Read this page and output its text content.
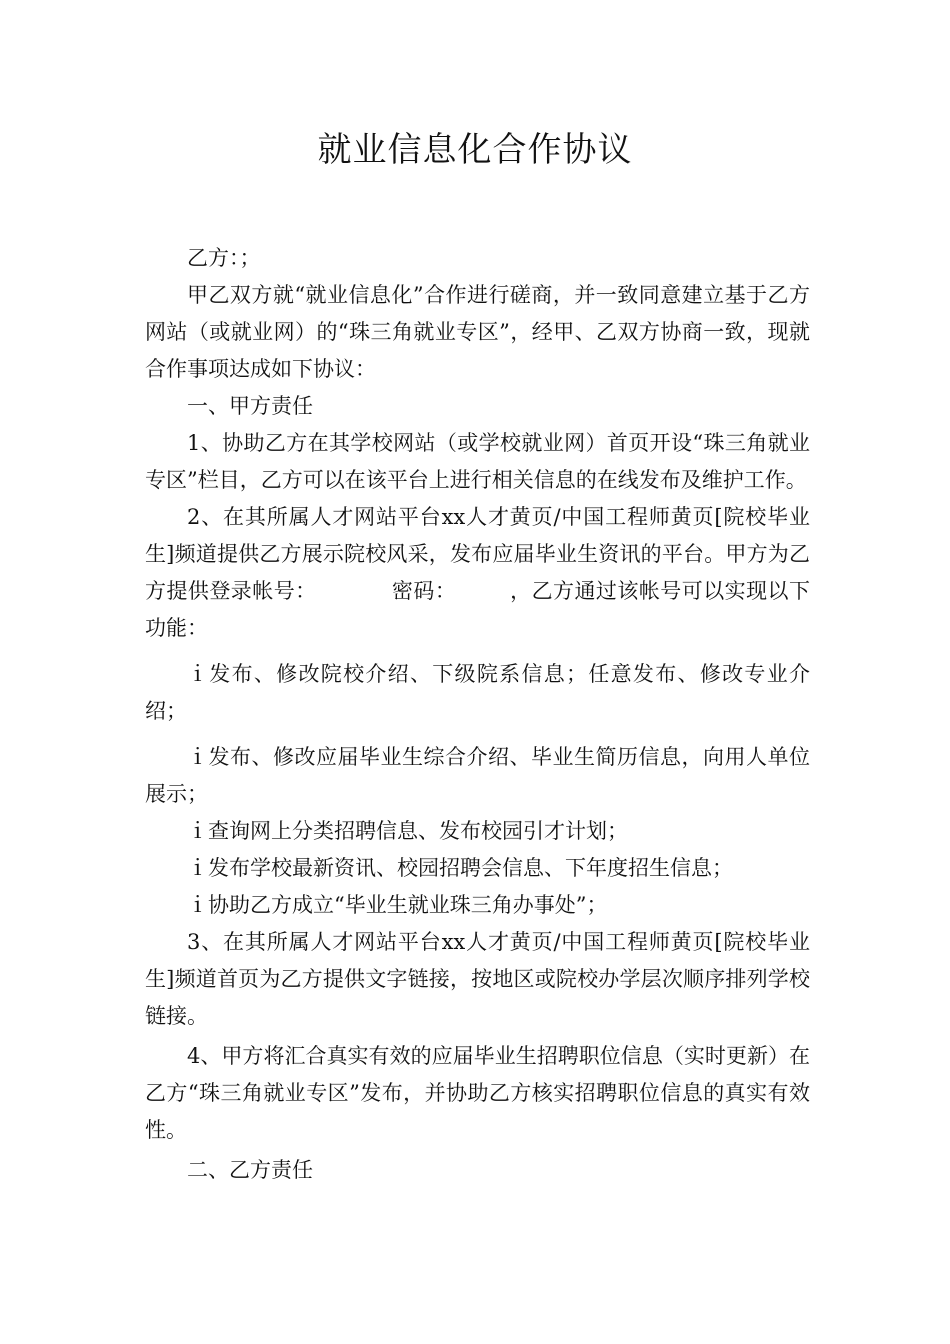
就业信息化合作协议

乙方：；

甲乙双方就“就业信息化”合作进行磋商，并一致同意建立基于乙方网站（或就业网）的“珠三角就业专区”，经甲、乙双方协商一致，现就合作事项达成如下协议：

一、甲方责任

1、协助乙方在其学校网站（或学校就业网）首页开设“珠三角就业专区”栏目，乙方可以在该平台上进行相关信息的在线发布及维护工作。

2、在其所属人才网站平台xx人才黄页/中国工程师黄页[院校毕业生]频道提供乙方展示院校风采，发布应届毕业生资讯的平台。甲方为乙方提供登录帐号：　　　　密码：　　　，乙方通过该帐号可以实现以下功能：

ｉ发布、修改院校介绍、下级院系信息；任意发布、修改专业介绍；

ｉ发布、修改应届毕业生综合介绍、毕业生简历信息，向用人单位展示；

ｉ查询网上分类招聘信息、发布校园引才计划；

ｉ发布学校最新资讯、校园招聘会信息、下年度招生信息；

ｉ协助乙方成立“毕业生就业珠三角办事处”；

3、在其所属人才网站平台xx人才黄页/中国工程师黄页[院校毕业生]频道首页为乙方提供文字链接，按地区或院校办学层次顺序排列学校链接。

4、甲方将汇合真实有效的应届毕业生招聘职位信息（实时更新）在乙方“珠三角就业专区”发布，并协助乙方核实招聘职位信息的真实有效性。

二、乙方责任
